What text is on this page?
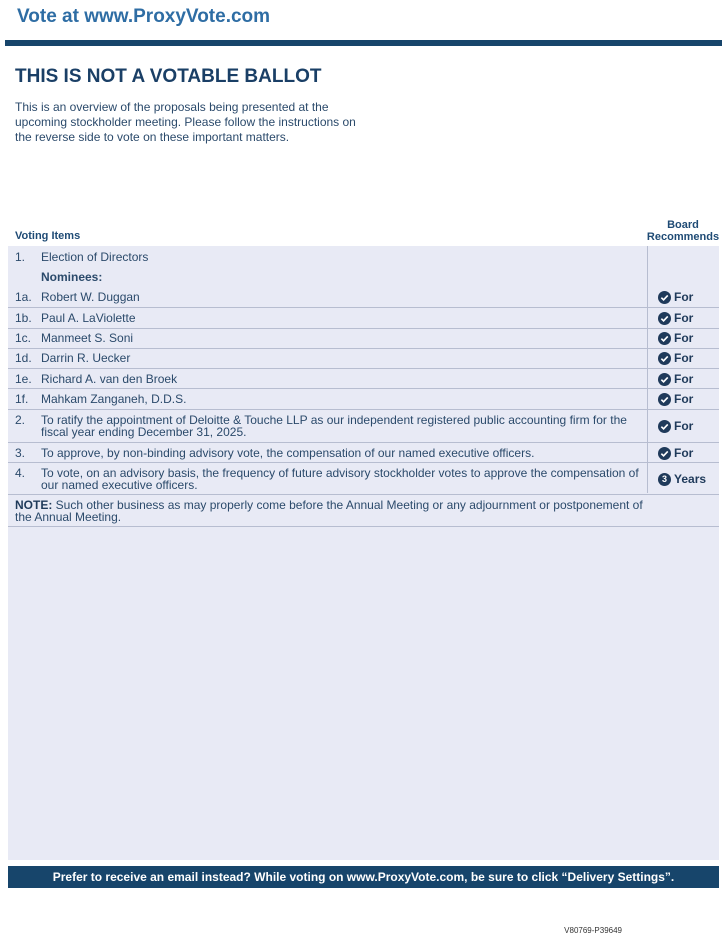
Vote at www.ProxyVote.com
THIS IS NOT A VOTABLE BALLOT
This is an overview of the proposals being presented at the upcoming stockholder meeting. Please follow the instructions on the reverse side to vote on these important matters.
Voting Items
Board
Recommends
1. Election of Directors
Nominees:
1a. Robert W. Duggan	For
1b. Paul A. LaViolette	For
1c. Manmeet S. Soni	For
1d. Darrin R. Uecker	For
1e. Richard A. van den Broek	For
1f. Mahkam Zanganeh, D.D.S.	For
2. To ratify the appointment of Deloitte & Touche LLP as our independent registered public accounting firm for the fiscal year ending December 31, 2025.	For
3. To approve, by non-binding advisory vote, the compensation of our named executive officers.	For
4. To vote, on an advisory basis, the frequency of future advisory stockholder votes to approve the compensation of our named executive officers.	3 Years
NOTE: Such other business as may properly come before the Annual Meeting or any adjournment or postponement of the Annual Meeting.
Prefer to receive an email instead? While voting on www.ProxyVote.com, be sure to click “Delivery Settings”.
V80769-P39649
